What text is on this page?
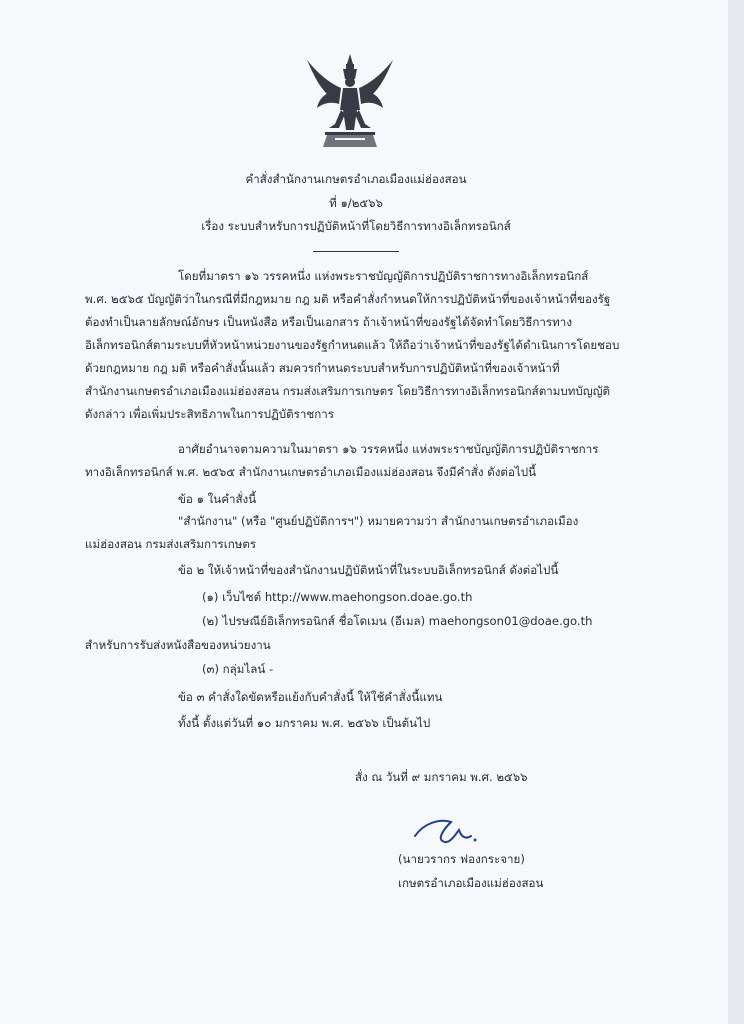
คำสั่งสำนักงานเกษตรอำเภอเมืองแม่ฮ่องสอน
ที่ ๑/๒๕๖๖
เรื่อง ระบบสำหรับการปฏิบัติหน้าที่โดยวิธีการทางอิเล็กทรอนิกส์
โดยที่มาตรา ๑๖ วรรคหนึ่ง แห่งพระราชบัญญัติการปฏิบัติราชการทางอิเล็กทรอนิกส์
พ.ศ. ๒๕๖๕ บัญญัติว่าในกรณีที่มีกฎหมาย กฎ มติ หรือคำสั่งกำหนดให้การปฏิบัติหน้าที่ของเจ้าหน้าที่ของรัฐ
ต้องทำเป็นลายลักษณ์อักษร เป็นหนังสือ หรือเป็นเอกสาร ถ้าเจ้าหน้าที่ของรัฐได้จัดทำโดยวิธีการทาง
อิเล็กทรอนิกส์ตามระบบที่หัวหน้าหน่วยงานของรัฐกำหนดแล้ว ให้ถือว่าเจ้าหน้าที่ของรัฐได้ดำเนินการโดยชอบ
ด้วยกฎหมาย กฎ มติ หรือคำสั่งนั้นแล้ว สมควรกำหนดระบบสำหรับการปฏิบัติหน้าที่ของเจ้าหน้าที่
สำนักงานเกษตรอำเภอเมืองแม่ฮ่องสอน กรมส่งเสริมการเกษตร โดยวิธีการทางอิเล็กทรอนิกส์ตามบทบัญญัติ
ดังกล่าว เพื่อเพิ่มประสิทธิภาพในการปฏิบัติราชการ
อาศัยอำนาจตามความในมาตรา ๑๖ วรรคหนึ่ง แห่งพระราชบัญญัติการปฏิบัติราชการ
ทางอิเล็กทรอนิกส์ พ.ศ. ๒๕๖๕ สำนักงานเกษตรอำเภอเมืองแม่ฮ่องสอน จึงมีคำสั่ง ดังต่อไปนี้
ข้อ ๑ ในคำสั่งนี้
"สำนักงาน" (หรือ "ศูนย์ปฏิบัติการฯ") หมายความว่า สำนักงานเกษตรอำเภอเมือง
แม่ฮ่องสอน กรมส่งเสริมการเกษตร
ข้อ ๒ ให้เจ้าหน้าที่ของสำนักงานปฏิบัติหน้าที่ในระบบอิเล็กทรอนิกส์ ดังต่อไปนี้
(๑) เว็บไซต์ http://www.maehongson.doae.go.th
(๒) ไปรษณีย์อิเล็กทรอนิกส์ ชื่อโดเมน (อีเมล) maehongson01@doae.go.th
สำหรับการรับส่งหนังสือของหน่วยงาน
(๓) กลุ่มไลน์ -
ข้อ ๓ คำสั่งใดขัดหรือแย้งกับคำสั่งนี้ ให้ใช้คำสั่งนี้แทน
ทั้งนี้ ตั้งแต่วันที่ ๑๐ มกราคม พ.ศ. ๒๕๖๖ เป็นต้นไป
สั่ง ณ วันที่ ๙ มกราคม พ.ศ. ๒๕๖๖
(นายวรากร ฟองกระจาย)
เกษตรอำเภอเมืองแม่ฮ่องสอน
